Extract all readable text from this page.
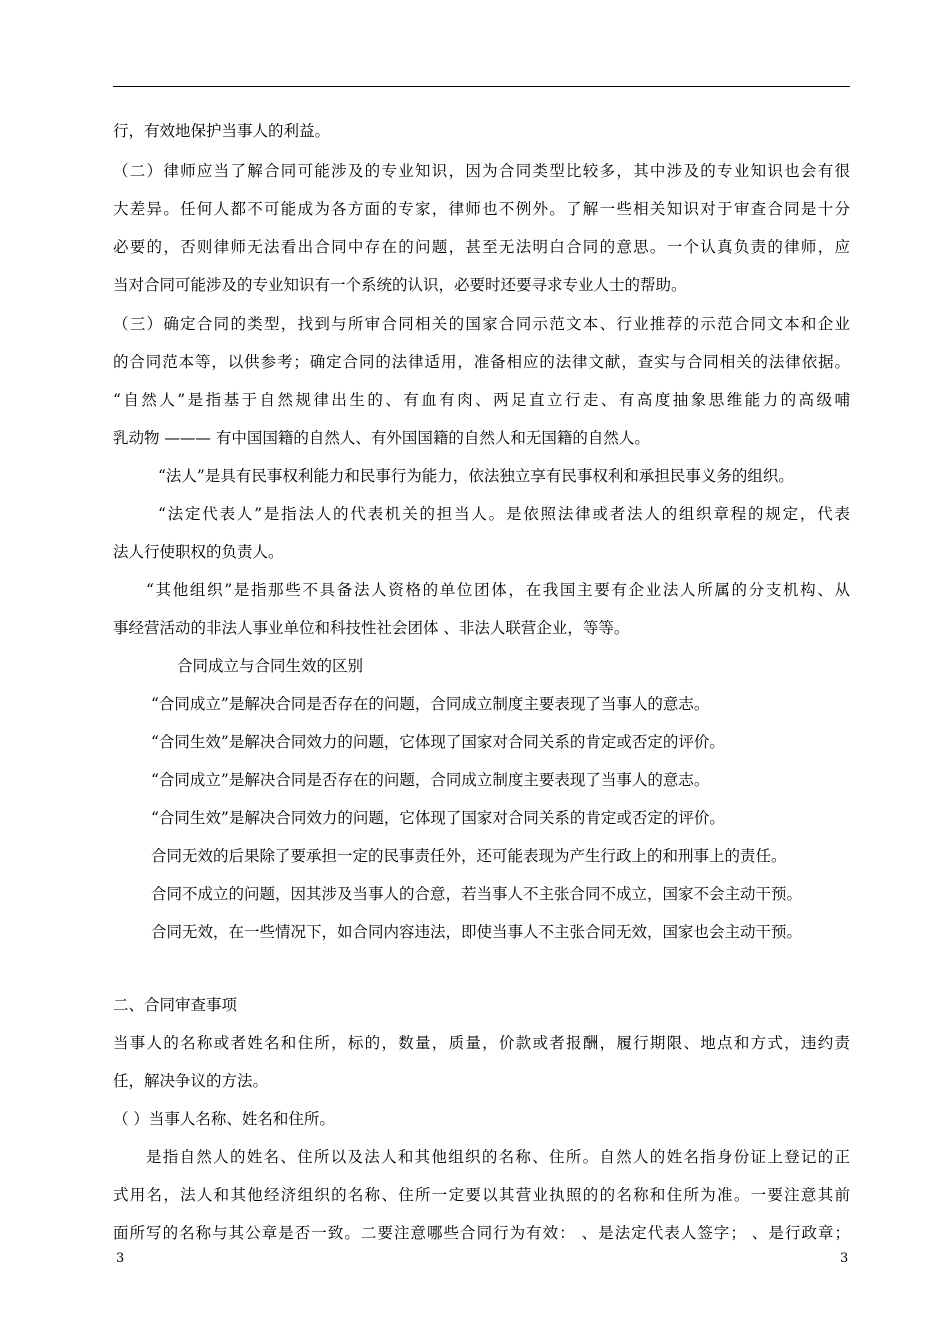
行，有效地保护当事人的利益。
（二）律师应当了解合同可能涉及的专业知识，因为合同类型比较多，其中涉及的专业知识也会有很
大差异。任何人都不可能成为各方面的专家，律师也不例外。了解一些相关知识对于审查合同是十分
必要的，否则律师无法看出合同中存在的问题，甚至无法明白合同的意思。一个认真负责的律师，应
当对合同可能涉及的专业知识有一个系统的认识，必要时还要寻求专业人士的帮助。
（三）确定合同的类型，找到与所审合同相关的国家合同示范文本、行业推荐的示范合同文本和企业
的合同范本等，以供参考；确定合同的法律适用，准备相应的法律文献，查实与合同相关的法律依据。
“自然人”是指基于自然规律出生的、有血有肉、两足直立行走、有高度抽象思维能力的高级哺
乳动物 ——— 有中国国籍的自然人、有外国国籍的自然人和无国籍的自然人。
“法人”是具有民事权利能力和民事行为能力，依法独立享有民事权利和承担民事义务的组织。
“法定代表人”是指法人的代表机关的担当人。是依照法律或者法人的组织章程的规定，代表
法人行使职权的负责人。
“其他组织”是指那些不具备法人资格的单位团体，在我国主要有企业法人所属的分支机构、从
事经营活动的非法人事业单位和科技性社会团体 、非法人联营企业，等等。
合同成立与合同生效的区别
“合同成立”是解决合同是否存在的问题，合同成立制度主要表现了当事人的意志。
“合同生效”是解决合同效力的问题，它体现了国家对合同关系的肯定或否定的评价。
“合同成立”是解决合同是否存在的问题，合同成立制度主要表现了当事人的意志。
“合同生效”是解决合同效力的问题，它体现了国家对合同关系的肯定或否定的评价。
合同无效的后果除了要承担一定的民事责任外，还可能表现为产生行政上的和刑事上的责任。
合同不成立的问题，因其涉及当事人的合意，若当事人不主张合同不成立，国家不会主动干预。
合同无效，在一些情况下，如合同内容违法，即使当事人不主张合同无效，国家也会主动干预。
二、合同审查事项
当事人的名称或者姓名和住所，标的，数量，质量，价款或者报酬，履行期限、地点和方式，违约责
任，解决争议的方法。
（ ）当事人名称、姓名和住所。
是指自然人的姓名、住所以及法人和其他组织的名称、住所。自然人的姓名指身份证上登记的正
式用名，法人和其他经济组织的名称、住所一定要以其营业执照的的名称和住所为准。一要注意其前
面所写的名称与其公章是否一致。二要注意哪些合同行为有效： 、是法定代表人签字； 、是行政章；
3	3
